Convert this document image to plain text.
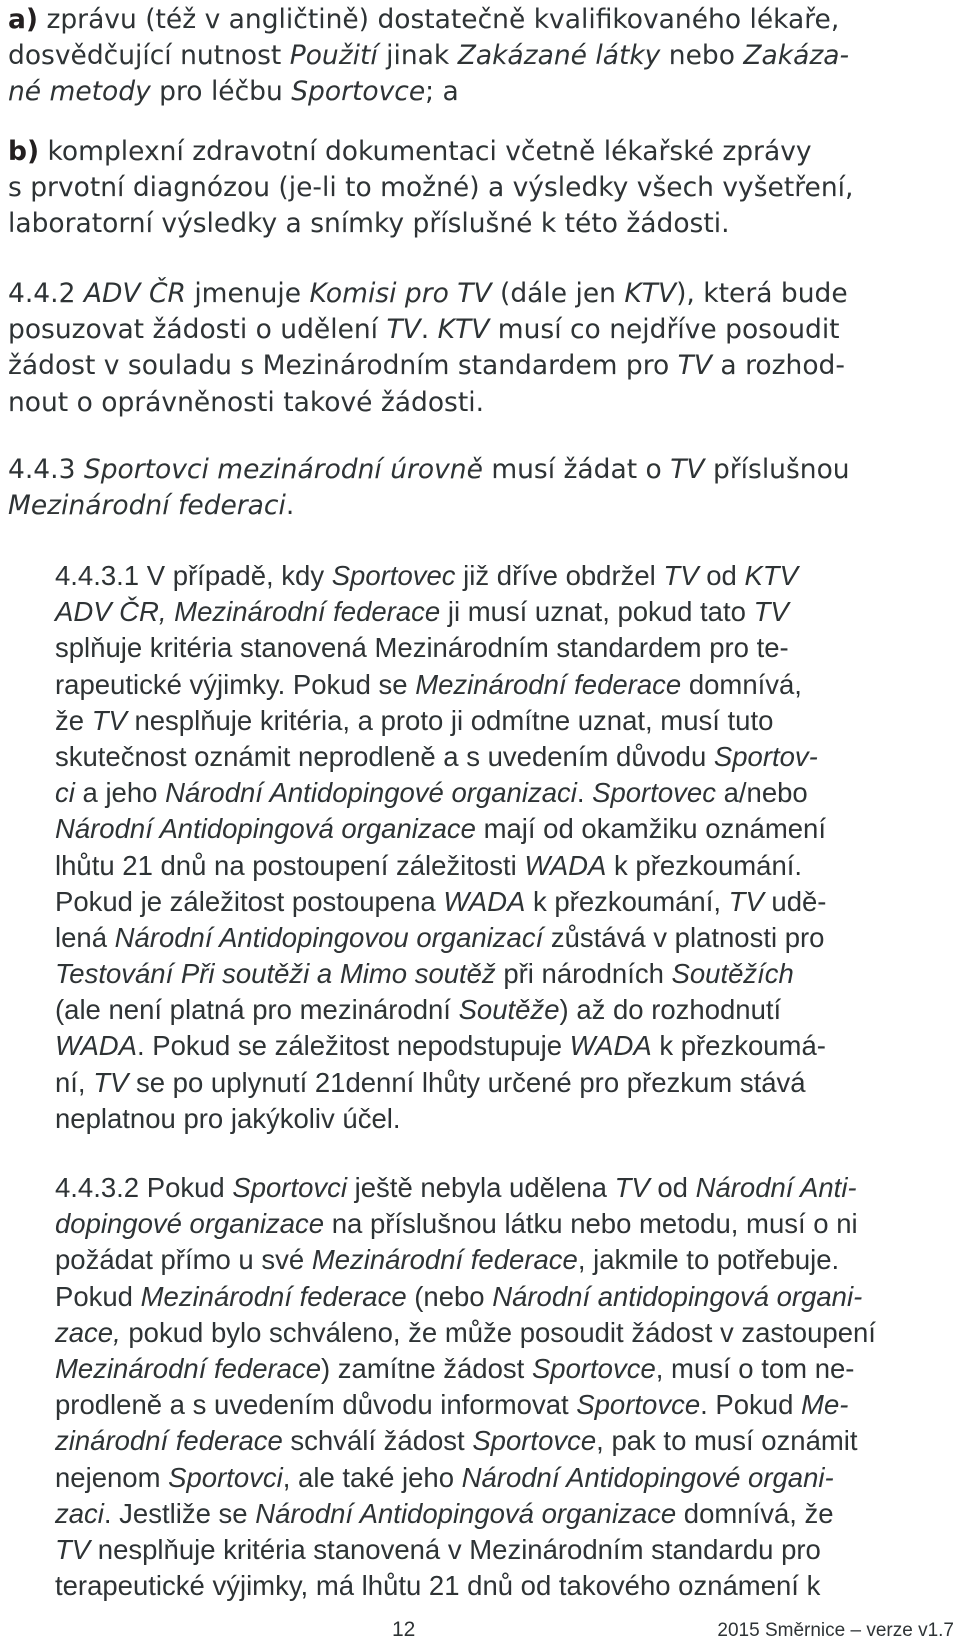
a) zprávu (též v angličtině) dostatečně kvalifikovaného lékaře,
dosvědčující nutnost Použití jinak Zakázané látky nebo Zakáza-
né metody pro léčbu Sportovce; a
b) komplexní zdravotní dokumentaci včetně lékařské zprávy
s prvotní diagnózou (je-li to možné) a výsledky všech vyšetření,
laboratorní výsledky a snímky příslušné k této žádosti.
4.4.2 ADV ČR jmenuje Komisi pro TV (dále jen KTV), která bude
posuzovat žádosti o udělení TV. KTV musí co nejdříve posoudit
žádost v souladu s Mezinárodním standardem pro TV a rozhod-
nout o oprávněnosti takové žádosti.
4.4.3 Sportovci mezinárodní úrovně musí žádat o TV příslušnou
Mezinárodní federaci.
4.4.3.1 V případě, kdy Sportovec již dříve obdržel TV od KTV
ADV ČR, Mezinárodní federace ji musí uznat, pokud tato TV
splňuje kritéria stanovená Mezinárodním standardem pro te-
rapeutické výjimky. Pokud se Mezinárodní federace domnívá,
že TV nesplňuje kritéria, a proto ji odmítne uznat, musí tuto
skutečnost oznámit neprodleně a s uvedením důvodu Sportov-
ci a jeho Národní Antidopingové organizaci. Sportovec a/nebo
Národní Antidopingová organizace mají od okamžiku oznámení
lhůtu 21 dnů na postoupení záležitosti WADA k přezkoumání.
Pokud je záležitost postoupena WADA k přezkoumání, TV udě-
lená Národní Antidopingovou organizací zůstává v platnosti pro
Testování Při soutěži a Mimo soutěž při národních Soutěžích
(ale není platná pro mezinárodní Soutěže) až do rozhodnutí
WADA. Pokud se záležitost nepodstupuje WADA k přezkoumá-
ní, TV se po uplynutí 21denní lhůty určené pro přezkum stává
neplatnou pro jakýkoliv účel.
4.4.3.2 Pokud Sportovci ještě nebyla udělena TV od Národní Anti-
dopingové organizace na příslušnou látku nebo metodu, musí o ni
požádat přímo u své Mezinárodní federace, jakmile to potřebuje.
Pokud Mezinárodní federace (nebo Národní antidopingová organi-
zace, pokud bylo schváleno, že může posoudit žádost v zastoupení
Mezinárodní federace) zamítne žádost Sportovce, musí o tom ne-
prodleně a s uvedením důvodu informovat Sportovce. Pokud Me-
zinárodní federace schválí žádost Sportovce, pak to musí oznámit
nejenom Sportovci, ale také jeho Národní Antidopingové organi-
zaci. Jestliže se Národní Antidopingová organizace domnívá, že
TV nesplňuje kritéria stanovená v Mezinárodním standardu pro
terapeutické výjimky, má lhůtu 21 dnů od takového oznámení k
12	2015 Směrnice – verze v1.7
